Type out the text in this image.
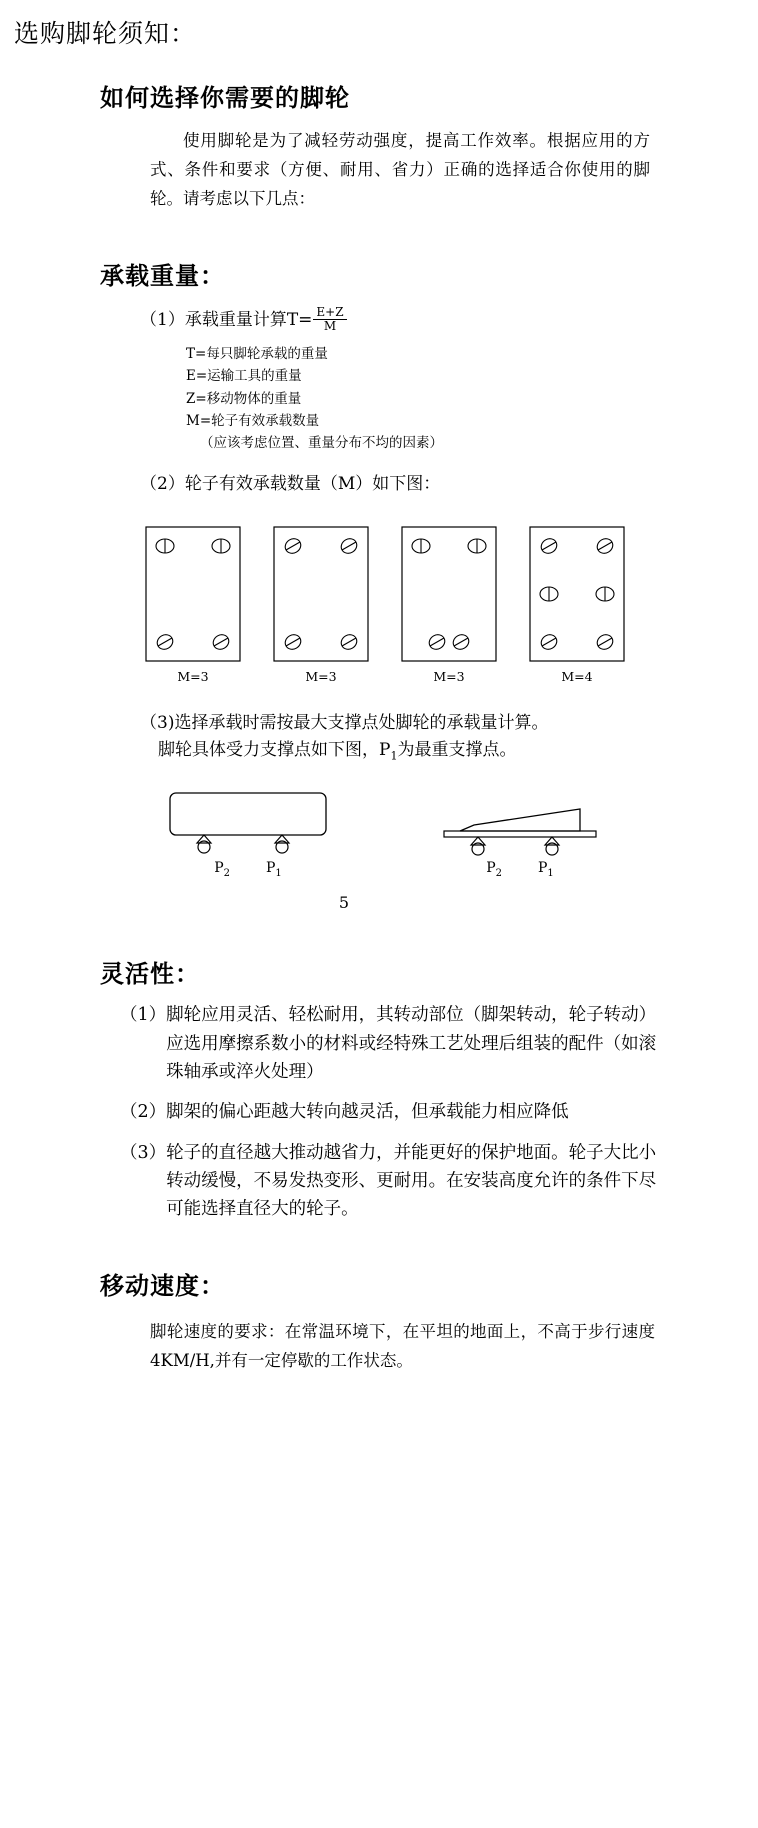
选购脚轮须知：
如何选择你需要的脚轮

使用脚轮是为了减轻劳动强度，提高工作效率。根据应用的方式、条件和要求（方便、耐用、省力）正确的选择适合你使用的脚轮。请考虑以下几点：

承载重量：
（1）承载重量计算$T= \frac{E+Z}{M}$
T=每只脚轮承载的重量
E=运输工具的重量
Z=移动物体的重量
M=轮子有效承载数量
（应该考虑位置、重量分布不均的因素）
（2）轮子有效承载数量（M）如下图：
M=3	M=3	M=3	M=4
（3)选择承载时需按最大支撑点处脚轮的承载量计算。
脚轮具体受力支撑点如下图，$P_1$为最重支撑点。
$P_2$	$P_1$	$P_2$	$P_1$
5
灵活性：
（1） 脚轮应用灵活、轻松耐用，其转动部位（脚架转动，轮子转动）应选用摩擦系数小的材料或经特殊工艺处理后组装的配件（如滚珠轴承或淬火处理）
（2） 脚架的偏心距越大转向越灵活，但承载能力相应降低
（3） 轮子的直径越大推动越省力，并能更好的保护地面。轮子大比小转动缓慢，不易发热变形、更耐用。在安装高度允许的条件下尽可能选择直径大的轮子。
移动速度：

脚轮速度的要求：在常温环境下，在平坦的地面上，不高于步行速度4KM/H,并有一定停歇的工作状态。
